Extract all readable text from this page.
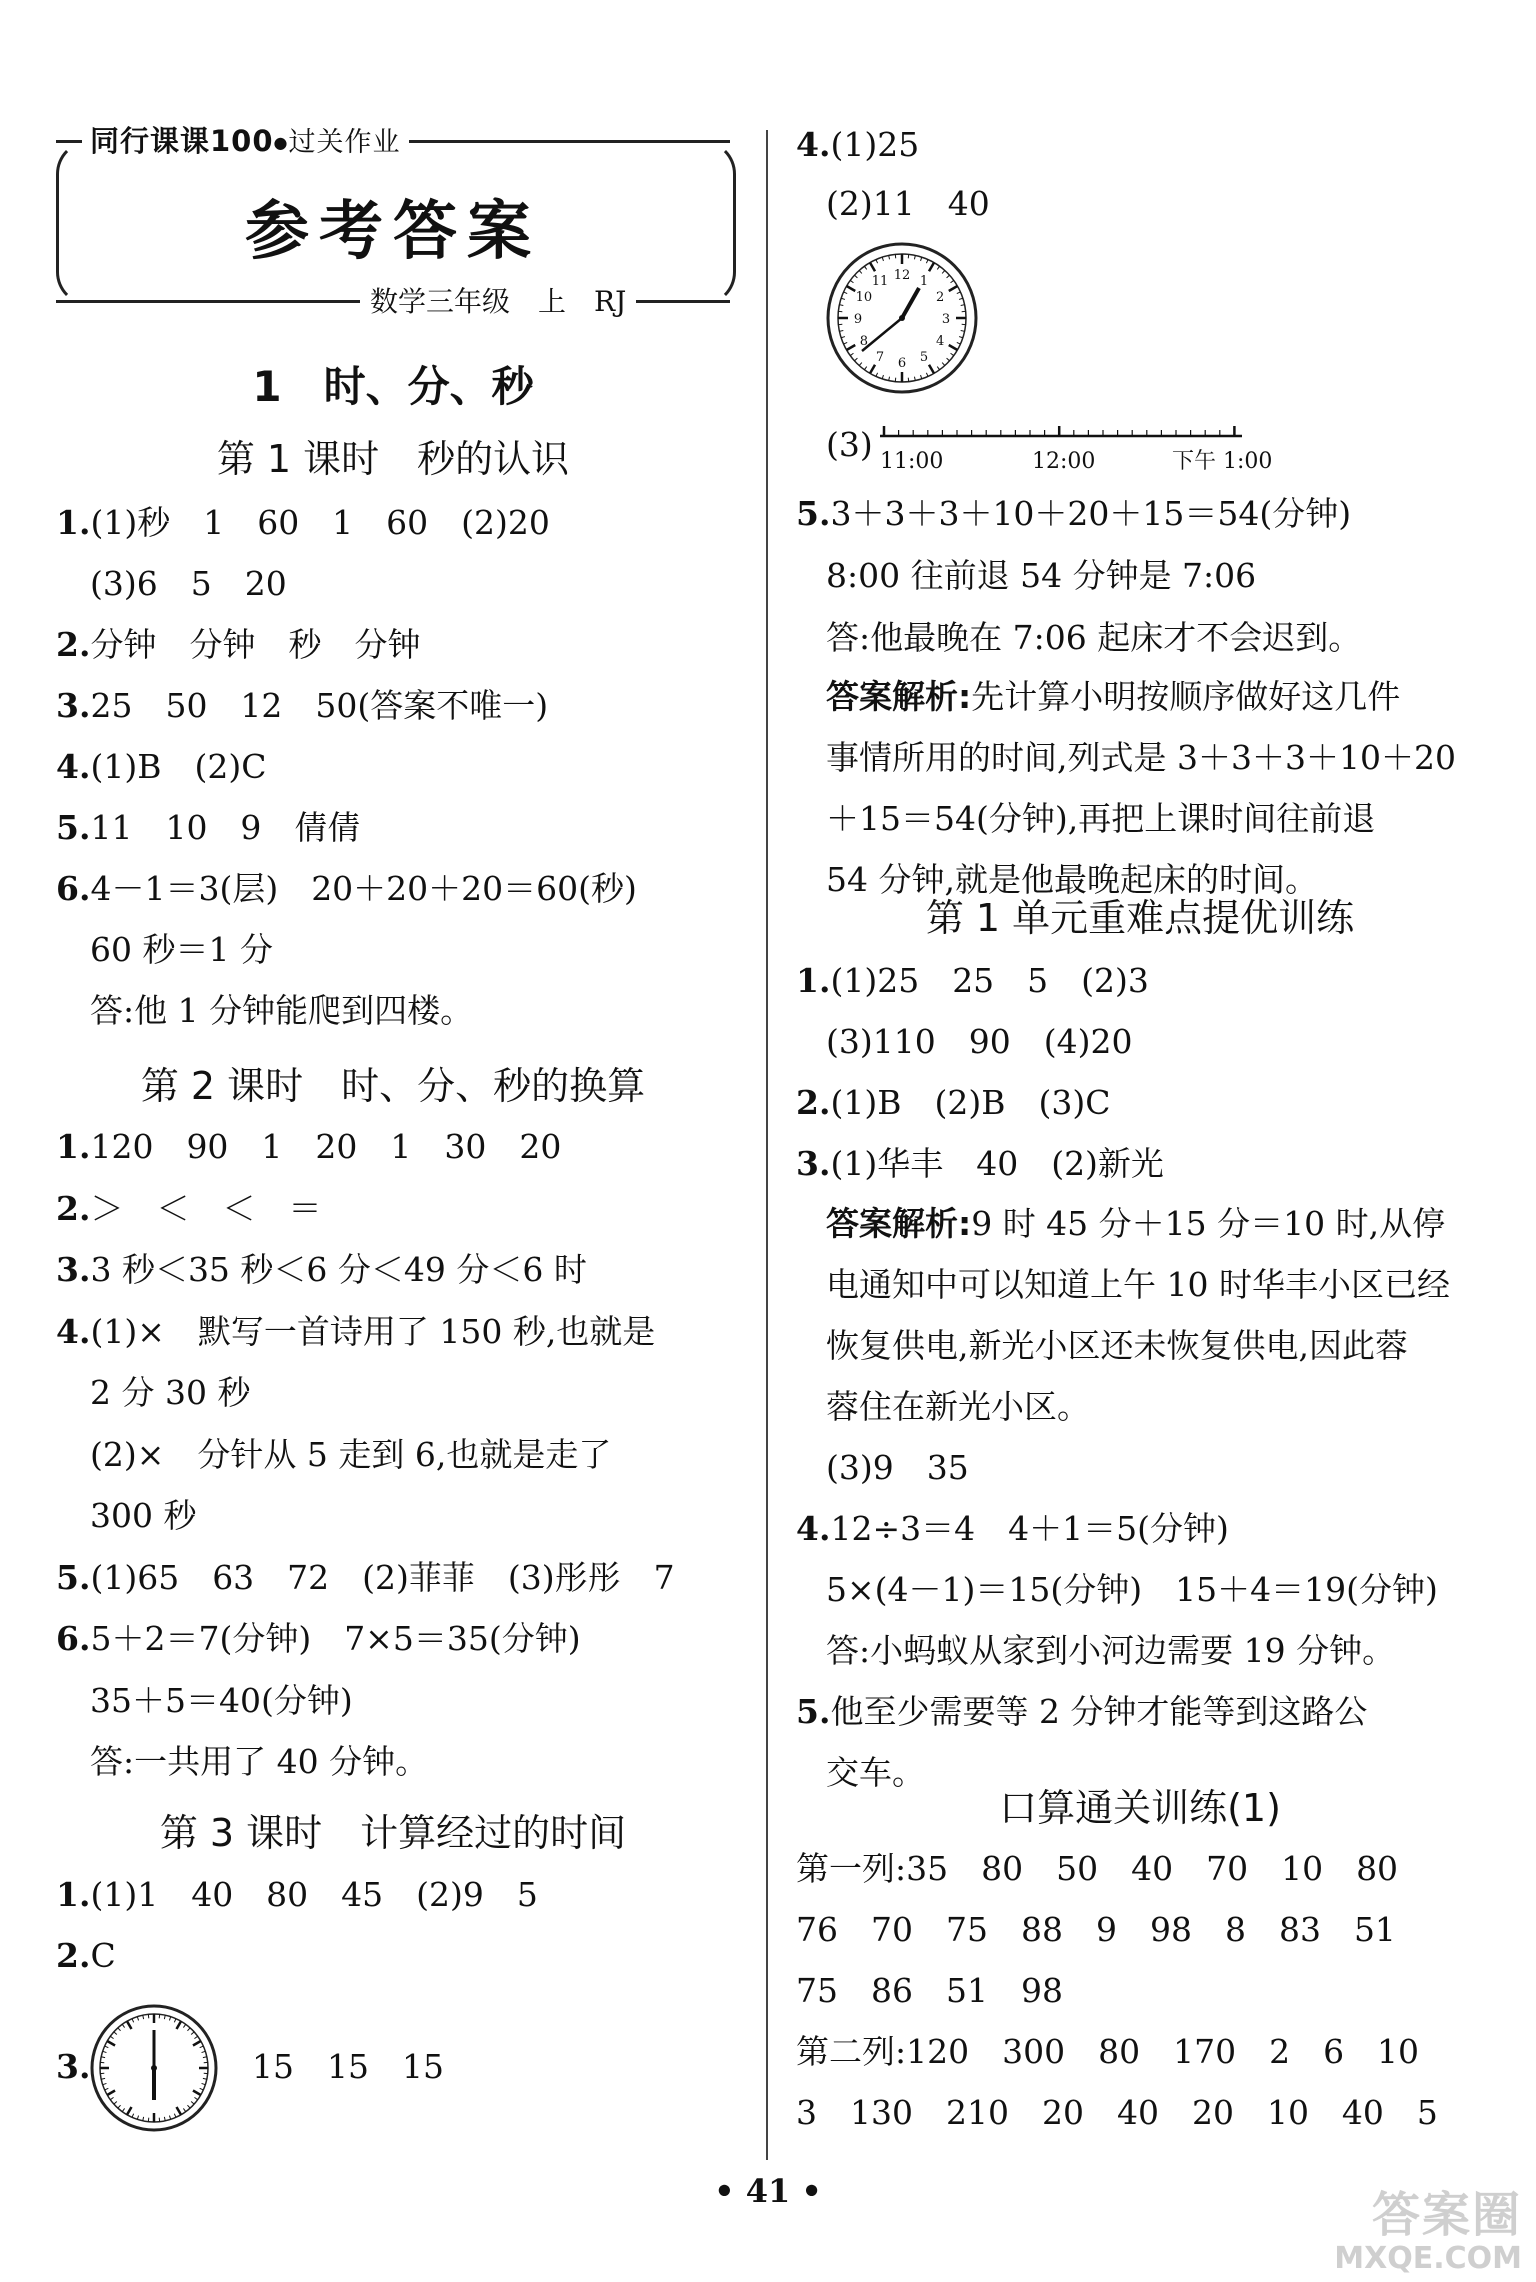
同行课课100●过关作业
参考答案
数学三年级　上　RJ
1　时、分、秒
第 1 课时　秒的认识
1.(1)秒　1　60　1　60　(2)20
(3)6　5　20
2.分钟　分钟　秒　分钟
3.25　50　12　50(答案不唯一)
4.(1)B　(2)C
5.11　10　9　倩倩
6.4－1＝3(层)　20＋20＋20＝60(秒)
60 秒＝1 分
答:他 1 分钟能爬到四楼。
第 2 课时　时、分、秒的换算
1.120　90　1　20　1　30　20
2.＞　＜　＜　＝
3.3 秒＜35 秒＜6 分＜49 分＜6 时
4.(1)×　默写一首诗用了 150 秒,也就是
2 分 30 秒
(2)×　分针从 5 走到 6,也就是走了
300 秒
5.(1)65　63　72　(2)菲菲　(3)彤彤　7
6.5＋2＝7(分钟)　7×5＝35(分钟)
35＋5＝40(分钟)
答:一共用了 40 分钟。
第 3 课时　计算经过的时间
1.(1)1　40　80　45　(2)9　5
2.C
3.	15　15　15
4.(1)25
(2)11　40
1
2
3
4
5
6
7
8
9
10
11 12
(3) 11:00	12:00	下午 1:00
5.3＋3＋3＋10＋20＋15＝54(分钟)
8:00 往前退 54 分钟是 7:06
答:他最晚在 7:06 起床才不会迟到。
答案解析:先计算小明按顺序做好这几件
事情所用的时间,列式是 3＋3＋3＋10＋20
＋15＝54(分钟),再把上课时间往前退
54 分钟,就是他最晚起床的时间。
第 1 单元重难点提优训练
1.(1)25　25　5　(2)3
(3)110　90　(4)20
2.(1)B　(2)B　(3)C
3.(1)华丰　40　(2)新光
答案解析:9 时 45 分＋15 分＝10 时,从停
电通知中可以知道上午 10 时华丰小区已经
恢复供电,新光小区还未恢复供电,因此蓉
蓉住在新光小区。
(3)9　35
4.12÷3＝4　4＋1＝5(分钟)
5×(4－1)＝15(分钟)　15＋4＝19(分钟)
答:小蚂蚁从家到小河边需要 19 分钟。
5.他至少需要等 2 分钟才能等到这路公
交车。
口算通关训练(1)
第一列:35　80　50　40　70　10　80
76　70　75　88　9　98　8　83　51
75　86　51　98
第二列:120　300　80　170　2　6　10
3　130　210　20　40　20　10　40　5
• 41 •	答案圈
MXQE.COM
